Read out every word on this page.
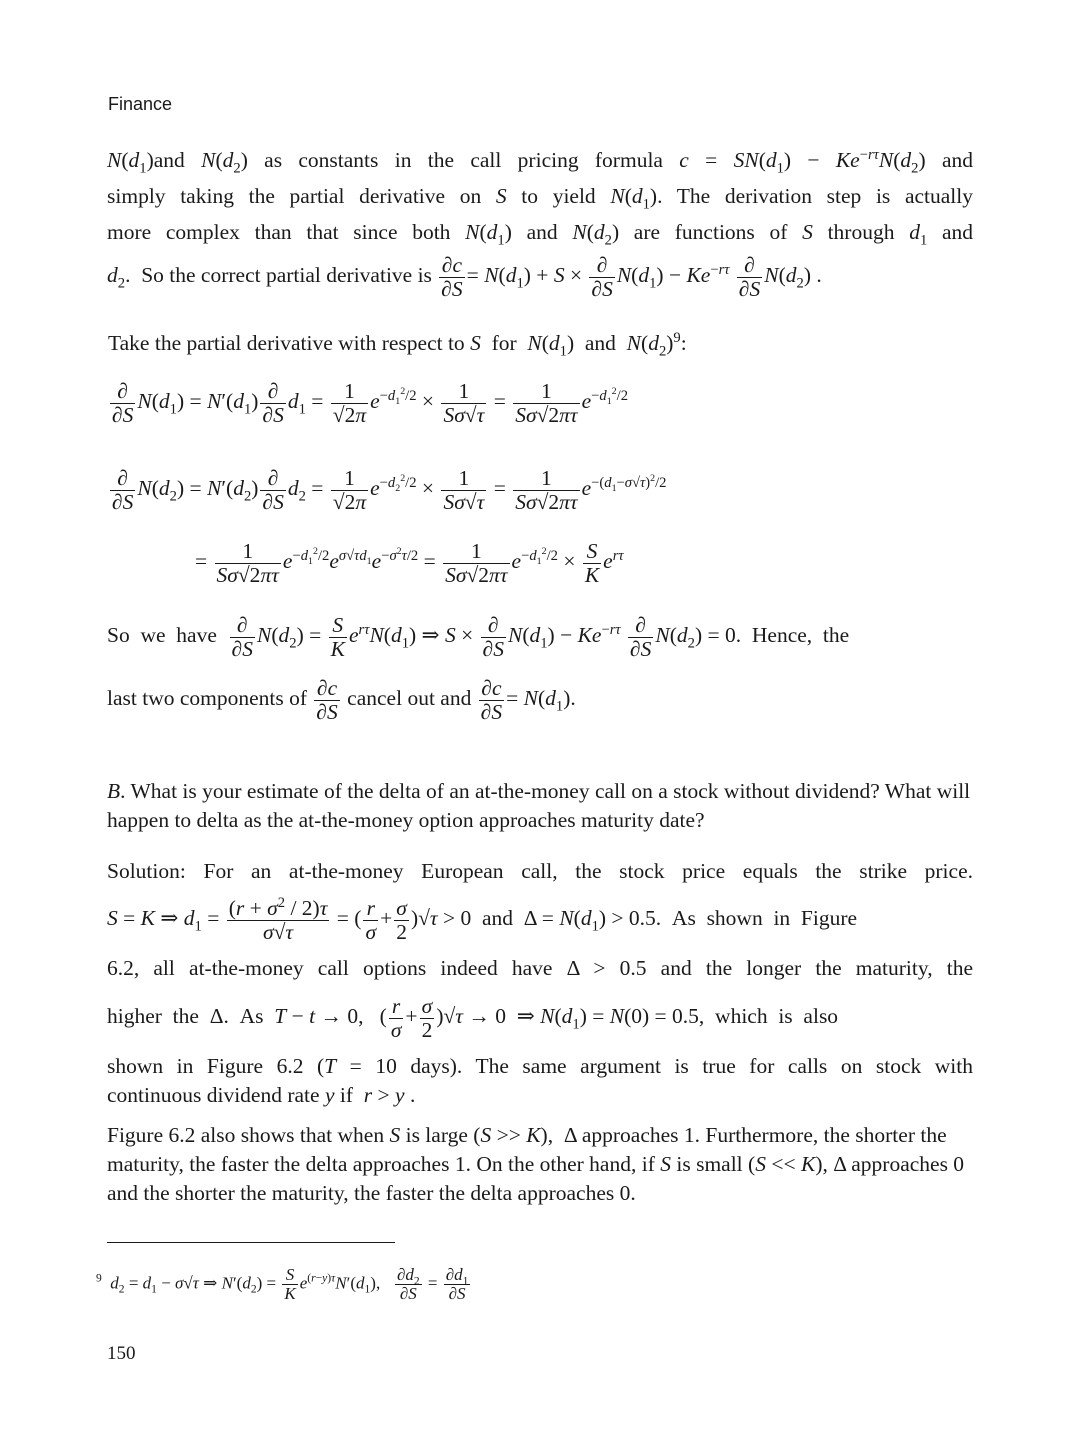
Finance
$N(d_1)and$ $N(d_2)$ as constants in the call pricing formula $c = SN(d_1) - Ke^{-r\tau}N(d_2)$ and
simply taking the partial derivative on S to yield $N(d_1)$. The derivation step is actually
more complex than that since both $N(d_1)$ and $N(d_2)$ are functions of S through $d_1$ and
$d_2$.  So the correct partial derivative is $\frac{\partial c}{\partial S} = N(d_1) + S \times \frac{\partial}{\partial S} N(d_1) - Ke^{-r\tau} \frac{\partial}{\partial S} N(d_2)$ .
Take the partial derivative with respect to S  for  $N(d_1)$  and  $N(d_2)^9$:
$\frac{\partial}{\partial S} N(d_1) = N'(d_1) \frac{\partial}{\partial S} d_1 = \frac{1}{√2\pi} e^{-d_1^2/2} \times \frac{1}{S\sigma√\tau} = \frac{1}{S\sigma√2\pi\tau} e^{-d_1^2/2}$
$\frac{\partial}{\partial S} N(d_2) = N'(d_2) \frac{\partial}{\partial S} d_2 = \frac{1}{√2\pi} e^{-d_2^2/2} \times \frac{1}{S\sigma√\tau} = \frac{1}{S\sigma√2\pi\tau} e^{-(d_1-\sigma√\tau)^2/2}$
= $\frac{1}{S\sigma√2\pi\tau} e^{-d_1^2/2}e^{\sigma√\tau d_1}e^{-\sigma^2\tau/2} = \frac{1}{S\sigma√2\pi\tau} e^{-d_1^2/2} \times \frac{S}{K} e^{r\tau}$
So  we  have $\frac{\partial}{\partial S} N(d_2) = \frac{S}{K} e^{r\tau}N(d_1)$ ⇒ $S \times \frac{\partial}{\partial S} N(d_1) - Ke^{-r\tau} \frac{\partial}{\partial S} N(d_2) = 0$.  Hence,  the
last two components of $\frac{\partial c}{\partial S}$ cancel out and $\frac{\partial c}{\partial S} = N(d_1)$.
B. What is your estimate of the delta of an at-the-money call on a stock without dividend? What will happen to delta as the at-the-money option approaches maturity date?
Solution: For an at-the-money European call, the stock price equals the strike price.
S = K ⇒ $d_1 = \frac{(r + \sigma^2 / 2)\tau}{\sigma√\tau}$ = ( $\frac{r}{\sigma} + \frac{\sigma}{2} )√\tau > 0$  and  $\Delta = N(d_1) > 0.5$.  As  shown  in  Figure
6.2, all at-the-money call options indeed have Δ > 0.5 and the longer the maturity, the
higher  the  Δ.  As  T − t → 0,   ( $\frac{r}{\sigma} + \frac{\sigma}{2} )√\tau \to 0$  ⇒ $N(d_1) = N(0) = 0.5$,  which  is  also
shown in Figure 6.2 (T = 10 days). The same argument is true for calls on stock with
continuous dividend rate y if  r > y .
Figure 6.2 also shows that when S is large (S >> K),  Δ approaches 1. Furthermore, the shorter the maturity, the faster the delta approaches 1. On the other hand, if S is small (S << K), Δ approaches 0 and the shorter the maturity, the faster the delta approaches 0.
$^9$ $d_2 = d_1 - \sigma√\tau$ ⇒ $N'(d_2) = \frac{S}{K} e^{(r-y)\tau}N'(d_1)$, $\frac{\partial d_2}{\partial S} = \frac{\partial d_1}{\partial S}$
150
